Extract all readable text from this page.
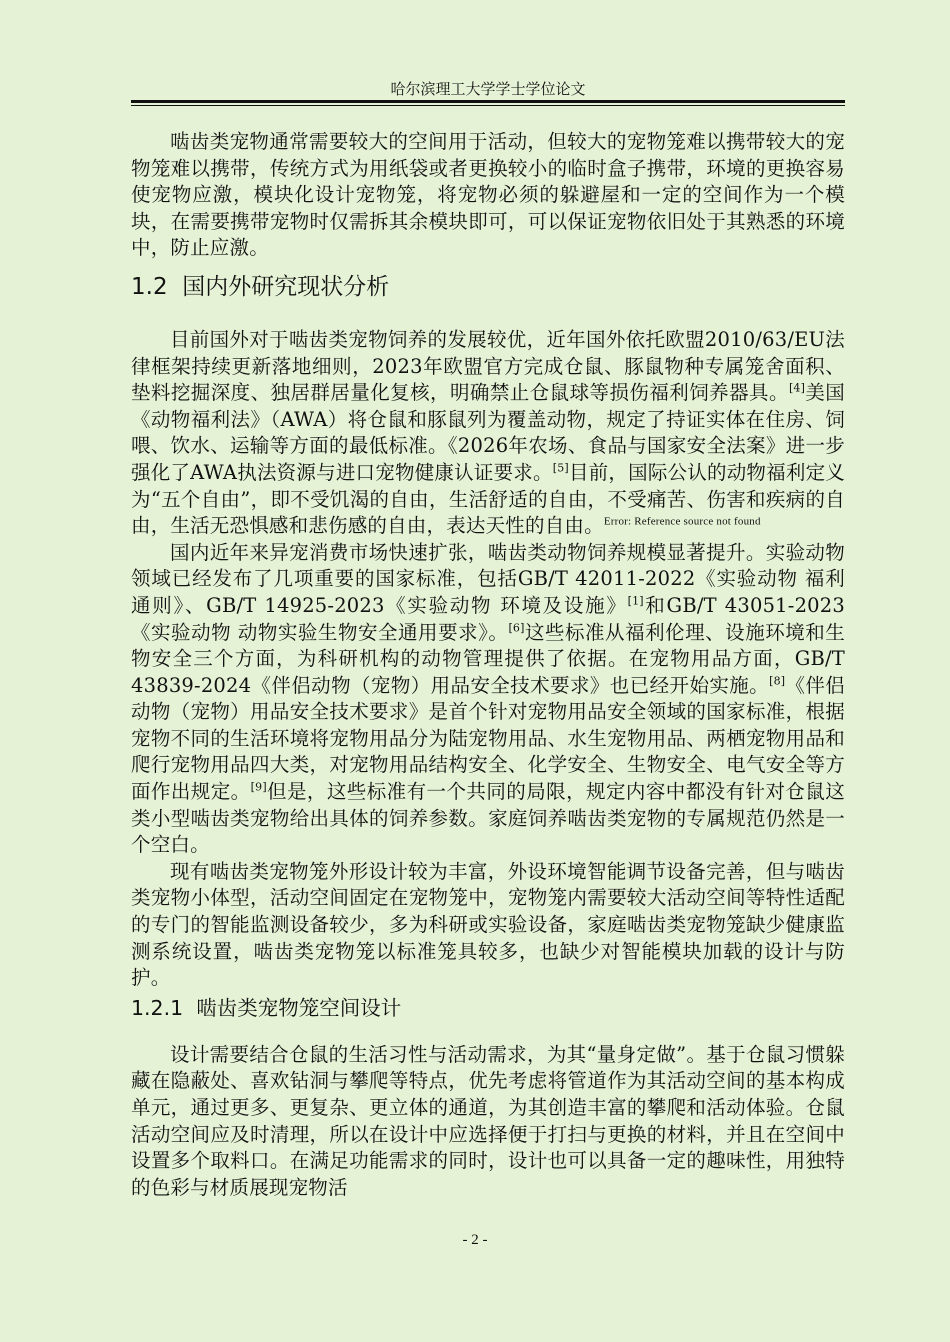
哈尔滨理工大学学士学位论文

啮齿类宠物通常需要较大的空间用于活动，但较大的宠物笼难以携带较大的宠物笼难以携带，传统方式为用纸袋或者更换较小的临时盒子携带，环境的更换容易使宠物应激，模块化设计宠物笼，将宠物必须的躲避屋和一定的空间作为一个模块，在需要携带宠物时仅需拆其余模块即可，可以保证宠物依旧处于其熟悉的环境中，防止应激。

1.2 国内外研究现状分析

目前国外对于啮齿类宠物饲养的发展较优，近年国外依托欧盟2010/63/EU法律框架持续更新落地细则，2023年欧盟官方完成仓鼠、豚鼠物种专属笼舍面积、垫料挖掘深度、独居群居量化复核，明确禁止仓鼠球等损伤福利饲养器具。[4]美国《动物福利法》（AWA）将仓鼠和豚鼠列为覆盖动物，规定了持证实体在住房、饲喂、饮水、运输等方面的最低标准。《2026年农场、食品与国家安全法案》进一步强化了AWA执法资源与进口宠物健康认证要求。[5]目前，国际公认的动物福利定义为“五个自由”，即不受饥渴的自由，生活舒适的自由，不受痛苦、伤害和疾病的自由，生活无恐惧感和悲伤感的自由，表达天性的自由。$^{Error: Reference source not found}$

国内近年来异宠消费市场快速扩张，啮齿类动物饲养规模显著提升。实验动物领域已经发布了几项重要的国家标准，包括GB/T 42011-2022《实验动物 福利通则》、GB/T 14925-2023《实验动物 环境及设施》[1]和GB/T 43051-2023《实验动物 动物实验生物安全通用要求》。[6]这些标准从福利伦理、设施环境和生物安全三个方面，为科研机构的动物管理提供了依据。在宠物用品方面，GB/T 43839-2024《伴侣动物（宠物）用品安全技术要求》也已经开始实施。[8]《伴侣动物（宠物）用品安全技术要求》是首个针对宠物用品安全领域的国家标准，根据宠物不同的生活环境将宠物用品分为陆宠物用品、水生宠物用品、两栖宠物用品和爬行宠物用品四大类，对宠物用品结构安全、化学安全、生物安全、电气安全等方面作出规定。[9]但是，这些标准有一个共同的局限，规定内容中都没有针对仓鼠这类小型啮齿类宠物给出具体的饲养参数。家庭饲养啮齿类宠物的专属规范仍然是一个空白。

现有啮齿类宠物笼外形设计较为丰富，外设环境智能调节设备完善，但与啮齿类宠物小体型，活动空间固定在宠物笼中，宠物笼内需要较大活动空间等特性适配的专门的智能监测设备较少，多为科研或实验设备，家庭啮齿类宠物笼缺少健康监测系统设置，啮齿类宠物笼以标准笼具较多，也缺少对智能模块加载的设计与防护。

1.2.1 啮齿类宠物笼空间设计

设计需要结合仓鼠的生活习性与活动需求，为其“量身定做”。基于仓鼠习惯躲藏在隐蔽处、喜欢钻洞与攀爬等特点，优先考虑将管道作为其活动空间的基本构成单元，通过更多、更复杂、更立体的通道，为其创造丰富的攀爬和活动体验。仓鼠活动空间应及时清理，所以在设计中应选择便于打扫与更换的材料，并且在空间中设置多个取料口。在满足功能需求的同时，设计也可以具备一定的趣味性，用独特的色彩与材质展现宠物活

- 2 -
